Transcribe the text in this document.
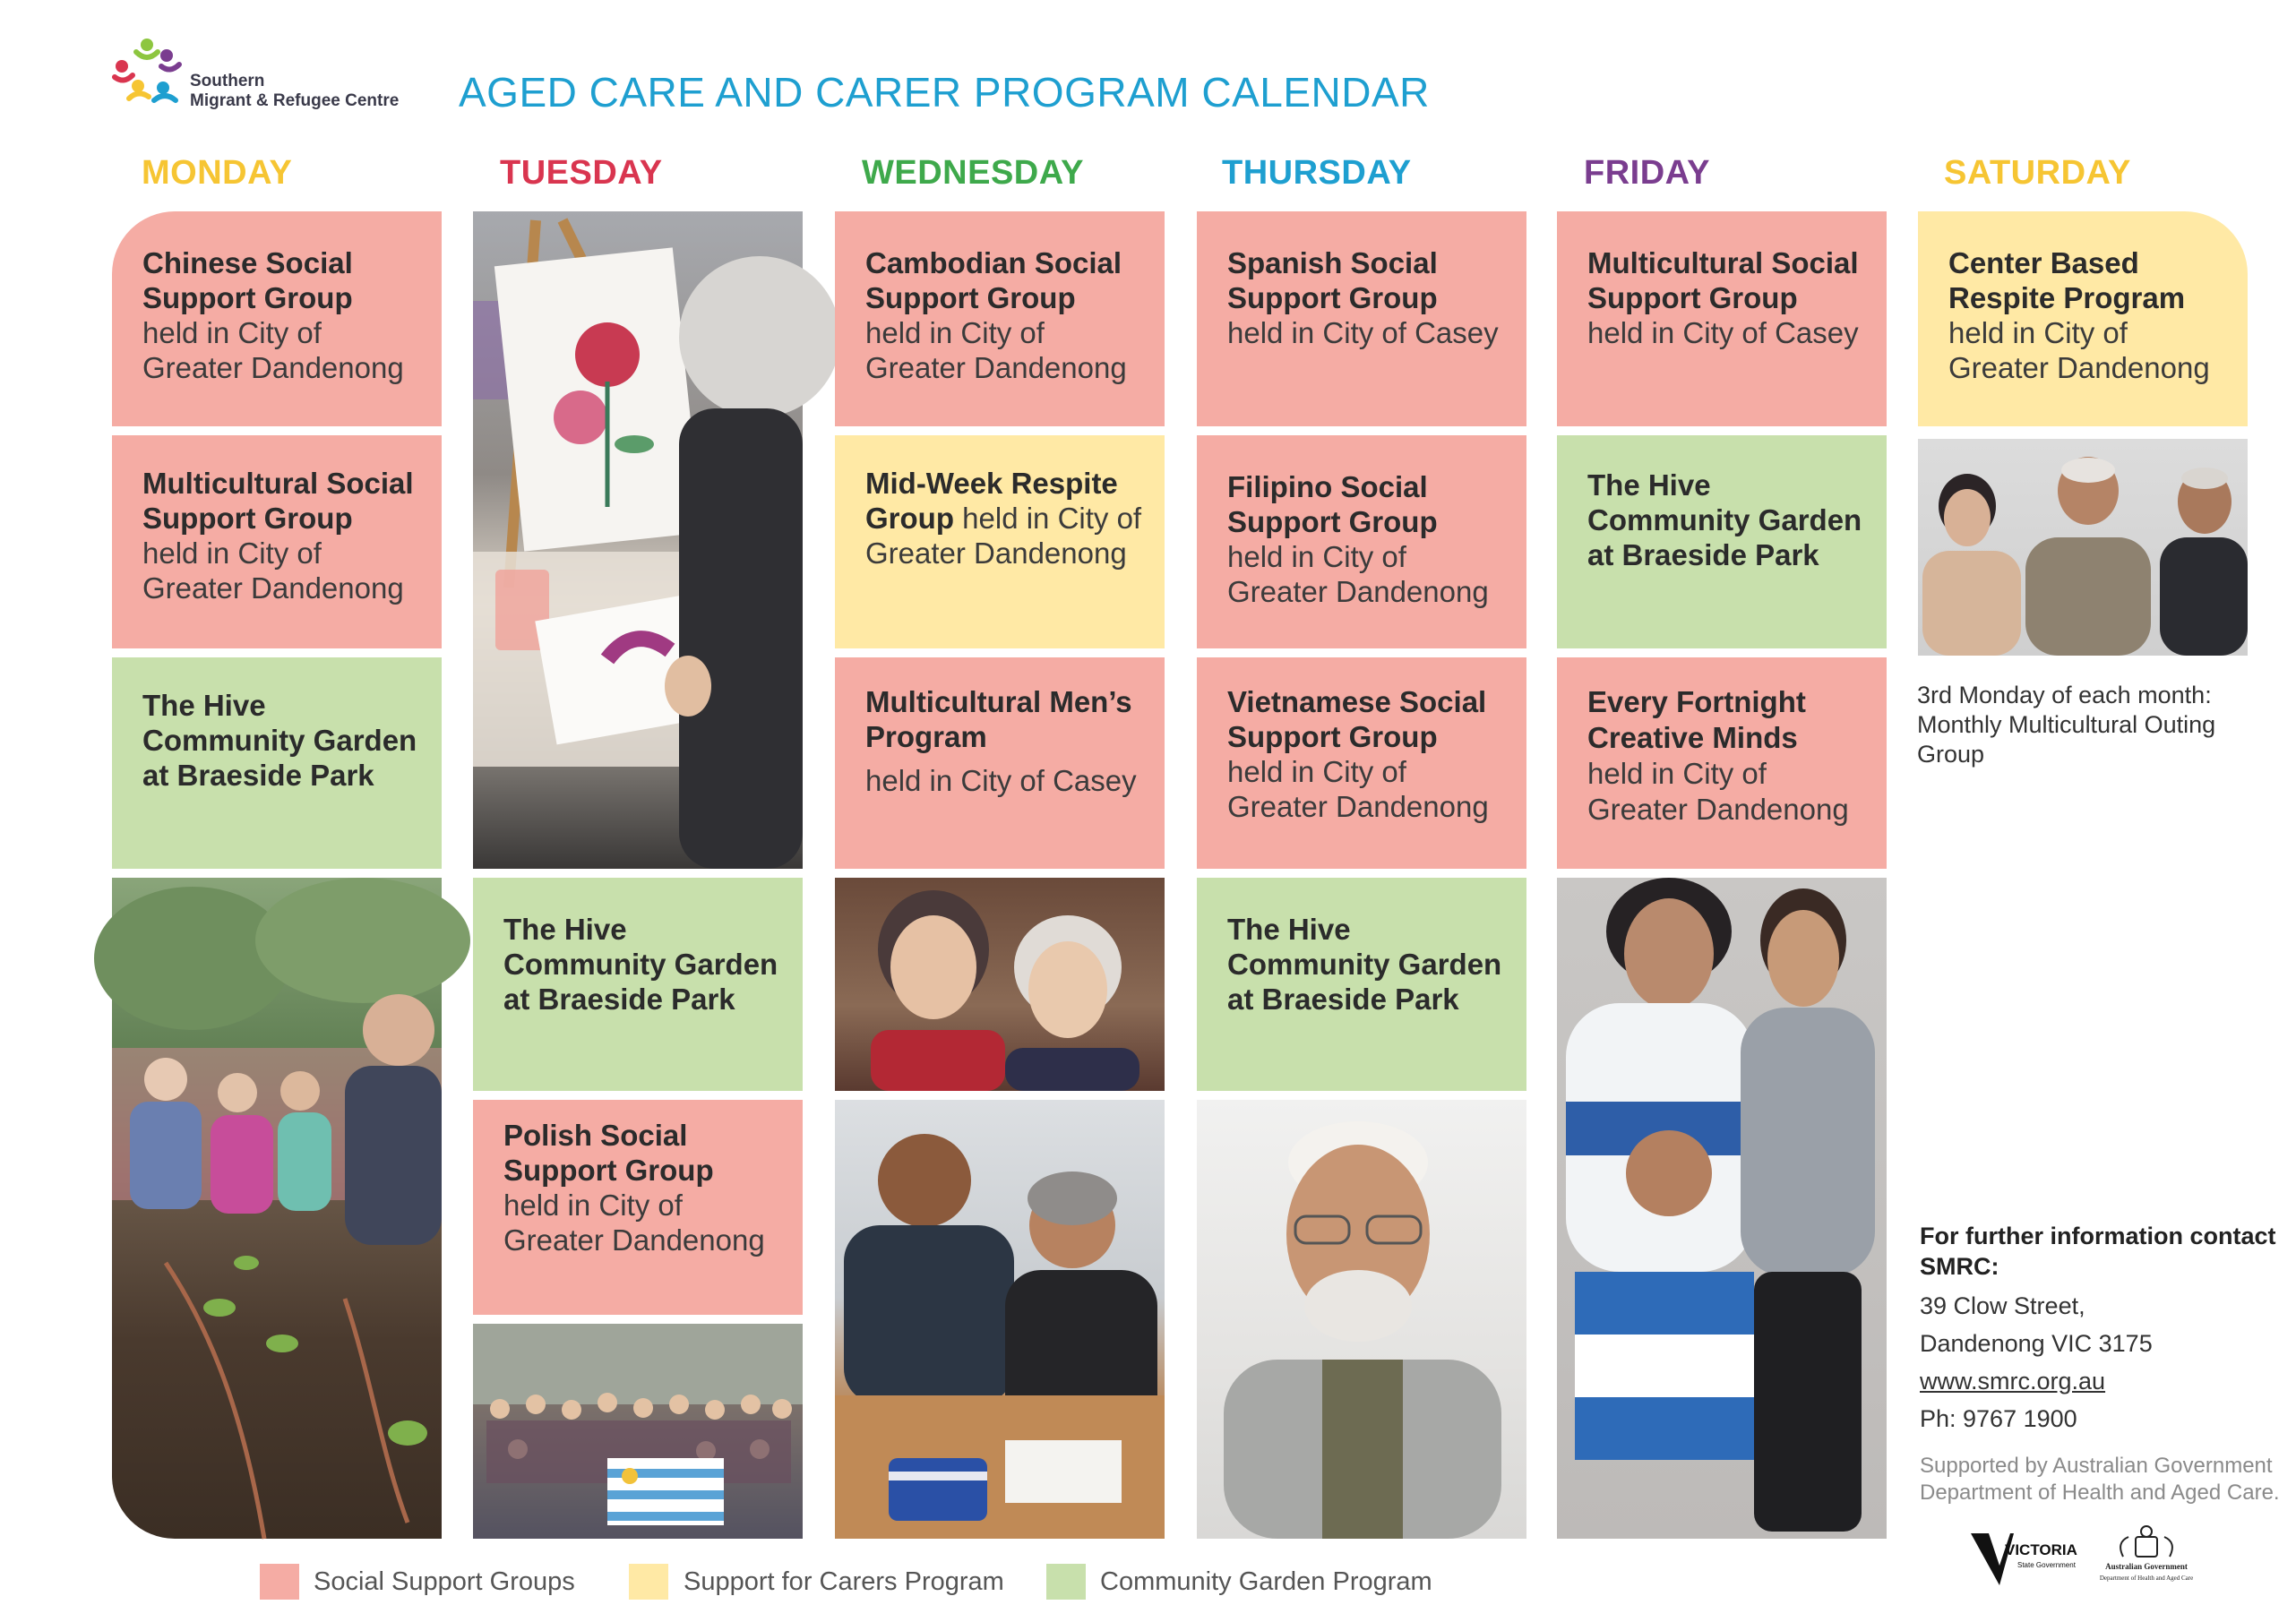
Southern
Migrant & Refugee Centre AGED CARE AND CARER PROGRAM CALENDAR
MONDAY	TUESDAY	WEDNESDAY	THURSDAY	FRIDAY	SATURDAY
Chinese Social Support Group
held in City of Greater Dandenong
Multicultural Social Support Group
held in City of Greater Dandenong
The Hive Community Garden at Braeside Park
The Hive Community Garden at Braeside Park
Polish Social Support Group
held in City of Greater Dandenong
Cambodian Social Support Group
held in City of Greater Dandenong
Mid-Week Respite Group held in City of Greater Dandenong
Multicultural Men’s Program
held in City of Casey
Spanish Social Support Group
held in City of Casey
Filipino Social Support Group
held in City of Greater Dandenong
Vietnamese Social Support Group
held in City of Greater Dandenong
The Hive Community Garden at Braeside Park
Multicultural Social Support Group
held in City of Casey
The Hive Community Garden at Braeside Park
Every Fortnight Creative Minds
held in City of Greater Dandenong
Center Based Respite Program
held in City of Greater Dandenong
3rd Monday of each month: Monthly Multicultural Outing Group
For further information contact SMRC:
39 Clow Street,
Dandenong VIC 3175
www.smrc.org.au
Ph: 9767 1900
Supported by Australian Government Department of Health and Aged Care.
VICTORIA
State Government	Australian Government
Department of Health and Aged Care
Social Support Groups	Support for Carers Program	Community Garden Program
